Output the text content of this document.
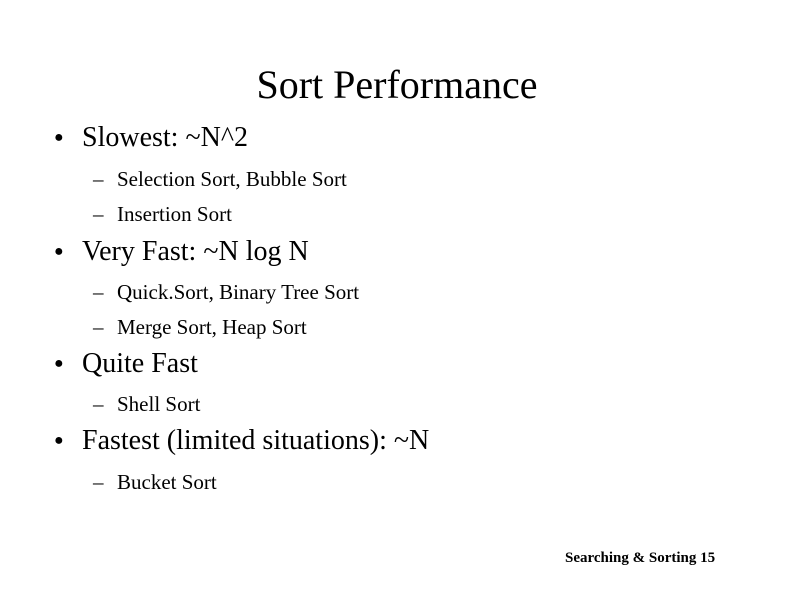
Sort Performance
● Slowest: ~N^2
– Selection Sort, Bubble Sort
– Insertion Sort
● Very Fast: ~N log N
– Quick.Sort, Binary Tree Sort
– Merge Sort, Heap Sort
● Quite Fast
– Shell Sort
● Fastest (limited situations): ~N
– Bucket Sort
Searching & Sorting 15
